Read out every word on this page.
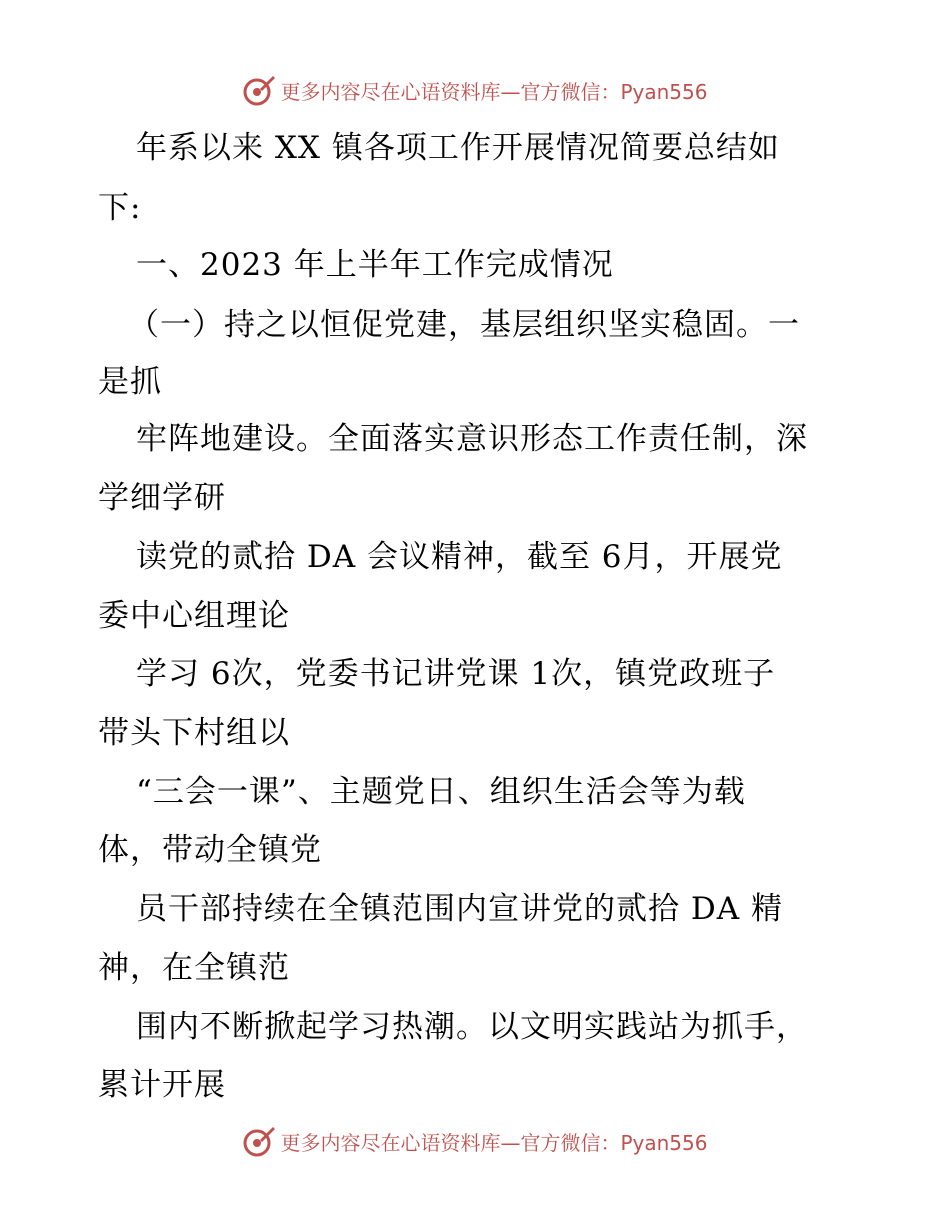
更多内容尽在心语资料库—官方微信：Pyan556
年系以来 XX 镇各项工作开展情况简要总结如
下:
一、2023 年上半年工作完成情况
（一）持之以恒促党建，基层组织坚实稳固。一
是抓
牢阵地建设。全面落实意识形态工作责任制，深
学细学研
读党的贰拾 DA 会议精神，截至 6月，开展党
委中心组理论
学习 6次，党委书记讲党课 1次，镇党政班子
带头下村组以
“三会一课”、主题党日、组织生活会等为载
体，带动全镇党
员干部持续在全镇范围内宣讲党的贰拾 DA 精
神，在全镇范
围内不断掀起学习热潮。以文明实践站为抓手，
累计开展
更多内容尽在心语资料库—官方微信：Pyan556
